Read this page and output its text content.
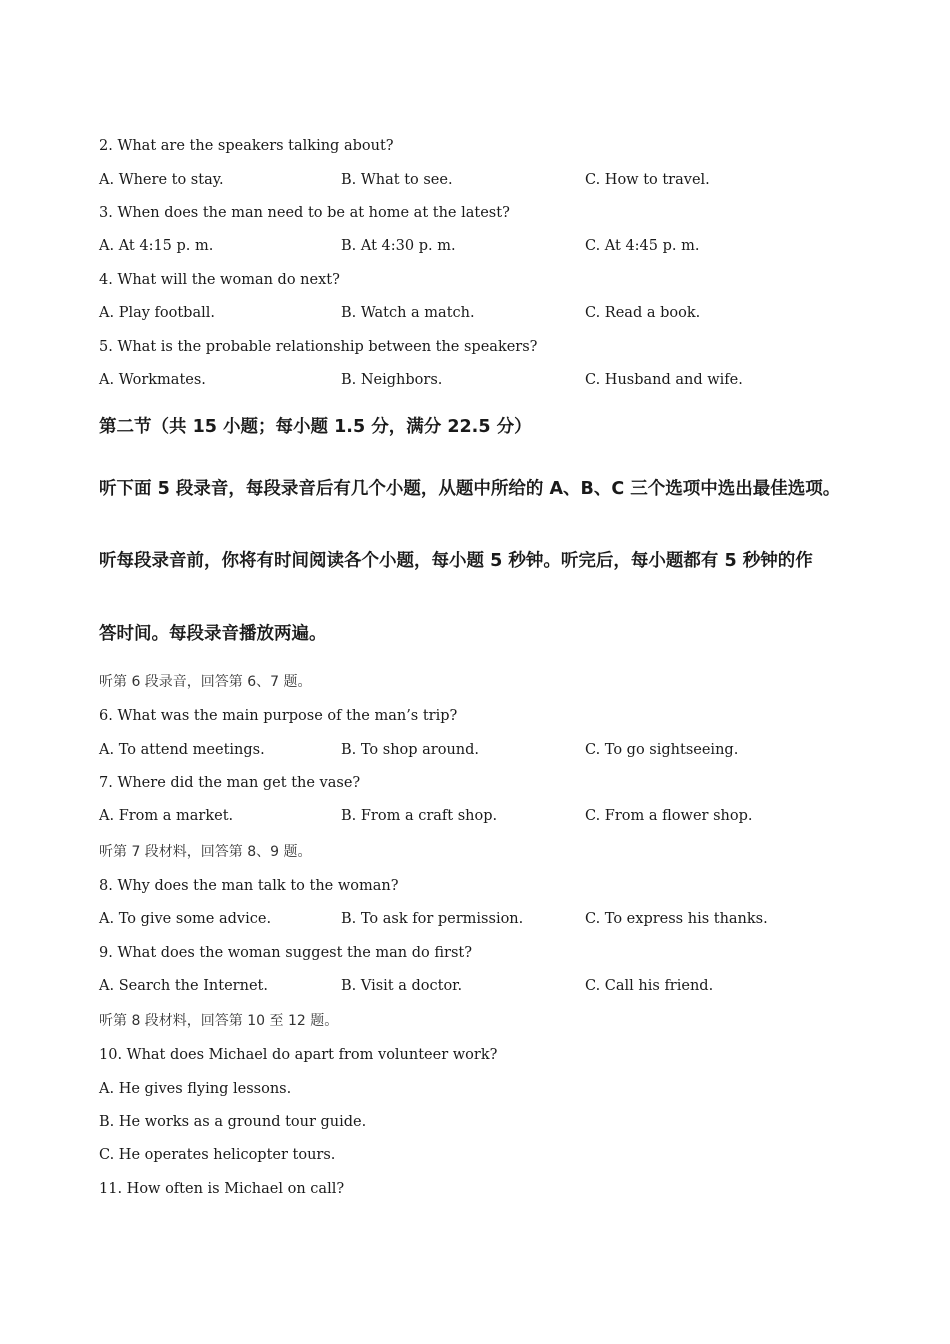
2. What are the speakers talking about?
A. Where to stay.	B. What to see.	C. How to travel.
3. When does the man need to be at home at the latest?
A. At 4:15 p. m.	B. At 4:30 p. m.	C. At 4:45 p. m.
4. What will the woman do next?
A. Play football.	B. Watch a match.	C. Read a book.
5. What is the probable relationship between the speakers?
A. Workmates.	B. Neighbors.	C. Husband and wife.
第二节（共 15 小题；每小题 1.5 分，满分 22.5 分）
听下面 5 段录音，每段录音后有几个小题，从题中所给的 A、B、C 三个选项中选出最佳选项。
听每段录音前，你将有时间阅读各个小题，每小题 5 秒钟。听完后，每小题都有 5 秒钟的作
答时间。每段录音播放两遍。
听第 6 段录音，回答第 6、7 题。
6. What was the main purpose of the man’s trip?
A. To attend meetings.	B. To shop around.	C. To go sightseeing.
7. Where did the man get the vase?
A. From a market.	B. From a craft shop.	C. From a flower shop.
听第 7 段材料，回答第 8、9 题。
8. Why does the man talk to the woman?
A. To give some advice.	B. To ask for permission.	C. To express his thanks.
9. What does the woman suggest the man do first?
A. Search the Internet.	B. Visit a doctor.	C. Call his friend.
听第 8 段材料，回答第 10 至 12 题。
10. What does Michael do apart from volunteer work?
A. He gives flying lessons.
B. He works as a ground tour guide.
C. He operates helicopter tours.
11. How often is Michael on call?
